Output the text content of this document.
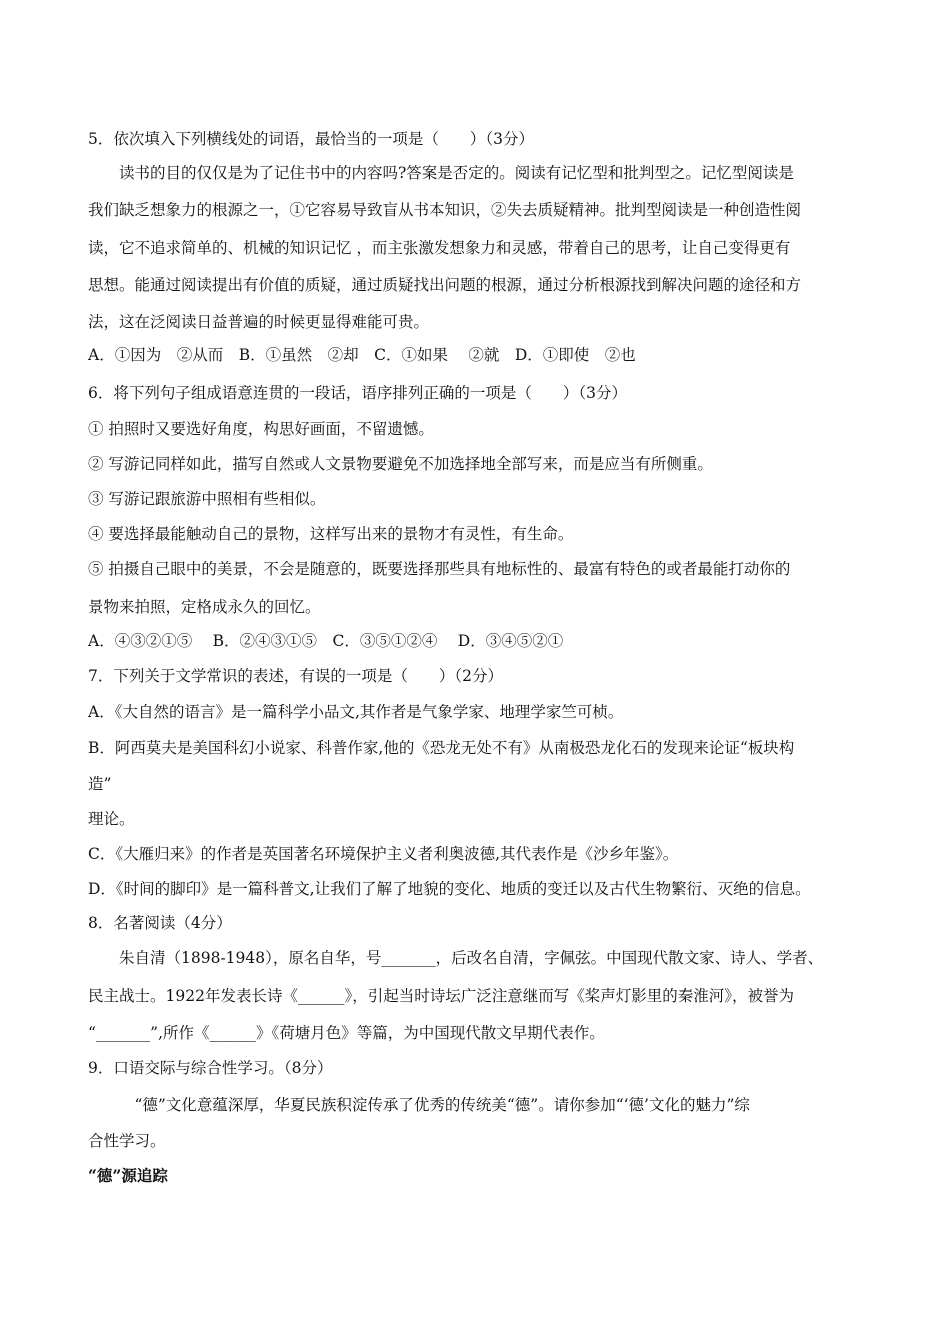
5．依次填入下列横线处的词语，最恰当的一项是（　　）（3分）
　　读书的目的仅仅是为了记住书中的内容吗?答案是否定的。阅读有记忆型和批判型之。记忆型阅读是
我们缺乏想象力的根源之一，①它容易导致盲从书本知识，②失去质疑精神。批判型阅读是一种创造性阅
读，它不追求简单的、机械的知识记忆 ，而主张激发想象力和灵感，带着自己的思考，让自己变得更有
思想。能通过阅读提出有价值的质疑，通过质疑找出问题的根源，通过分析根源找到解决问题的途径和方
法，这在泛阅读日益普遍的时候更显得难能可贵。
A．①因为　②从而　B．①虽然　②却　C．①如果　 ②就　D．①即使　②也
6．将下列句子组成语意连贯的一段话，语序排列正确的一项是（　　）（3分）
① 拍照时又要选好角度，构思好画面，不留遗憾。
② 写游记同样如此，描写自然或人文景物要避免不加选择地全部写来，而是应当有所侧重。
③ 写游记跟旅游中照相有些相似。
④ 要选择最能触动自己的景物，这样写出来的景物才有灵性，有生命。
⑤ 拍摄自己眼中的美景，不会是随意的，既要选择那些具有地标性的、最富有特色的或者最能打动你的
景物来拍照，定格成永久的回忆。
A．④③②①⑤　 B．②④③①⑤　C．③⑤①②④　 D．③④⑤②①
7．下列关于文学常识的表述，有误的一项是（　　）（2分）
A．《大自然的语言》是一篇科学小品文,其作者是气象学家、地理学家竺可桢。
B．阿西莫夫是美国科幻小说家、科普作家,他的《恐龙无处不有》从南极恐龙化石的发现来论证“板块构
造”
理论。
C．《大雁归来》的作者是英国著名环境保护主义者利奥波德,其代表作是《沙乡年鉴》。
D．《时间的脚印》是一篇科普文,让我们了解了地貌的变化、地质的变迁以及古代生物繁衍、灭绝的信息。
8．名著阅读（4分）
　　朱自清（1898-1948），原名自华，号_______，后改名自清，字佩弦。中国现代散文家、诗人、学者、
民主战士。1922年发表长诗《______》，引起当时诗坛广泛注意继而写《桨声灯影里的秦淮河》，被誉为
“_______”,所作《______》《荷塘月色》等篇，为中国现代散文早期代表作。
9．口语交际与综合性学习。（8分）
　　　“德”文化意蕴深厚，华夏民族积淀传承了优秀的传统美“德”。请你参加“‘德’文化的魅力”综
合性学习。
“德”源追踪
